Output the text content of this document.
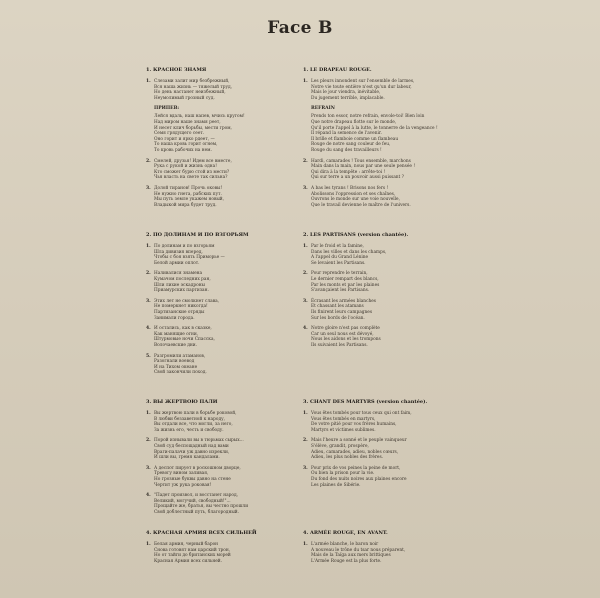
Face B
1. КРАСНОЕ ЗНАМЯ
1. Слезами залит мир безбрежный,
Вся наша жизнь — тяжелый труд,
Но день настанет неизбежный,
Неумолимый грозный суд.
ПРИПЕВ:
Лейся вдаль, наш напев, мчись кругом!
Над миром наше знамя реет,
И несет клич борьбы, мести гром,
Семя грядущего сеет.
Оно горит и ярко рдеет, —
То наша кровь горит огнем,
То кровь рабочих на нем.
2. Смелей, друзья! Идем все вместе,
Рука с рукой и жизнь одна!
Кто сможет бурю стой из мести?
Чья власть на свете так сильна?
3. Долой тиранов! Прочь оковы!
Не нужно гнета, рабских пут.
Мы путь земле укажем новый,
Владыкой мира будет труд.
2. ПО ДОЛИНАМ И ПО ВЗГОРЬЯМ
1. По долинам и по взгорьям
Шла дивизия вперед,
Чтобы с боя взять Приморье —
Белой армии оплот.
2. Наливалися знамена
Кумачом последних ран,
Шли лихие эскадроны
Приамурских партизан.
3. Этих лет не смолкнет слава,
Не померкнет никогда!
Партизанские отряды
Занимали города.
4. И остались, как в сказке,
Как манящие огни,
Штурмовые ночи Спасска,
Волочаевские дни.
5. Разгромили атаманов,
Разогнали воевод
И на Тихом океане
Свой закончили поход.
3. ВЫ ЖЕРТВОЮ ПАЛИ
1. Вы жертвою пали в борьбе роковой,
В любви беззаветной к народу,
Вы отдали все, что могли, за него,
За жизнь его, честь и свободу.
2. Порой изнывали вы в тюрьмах сырых...
Свой суд беспощадный над вами
Враги-палачи уж давно изрекли,
И шли вы, гремя кандалами.
3. А деспот пирует в роскошном дворце,
Тревогу вином заливая,
Но грозные буквы давно на стене
Чертит уж рука роковая!
4. "Падет произвол, и восстанет народ,
Великий, могучий, свободный!"...
Прощайте же, братья, вы честно прошли
Свой доблестный путь, благородный.
4. КРАСНАЯ АРМИЯ ВСЕХ СИЛЬНЕЙ
1. Белая армия, черный барон
Снова готовят нам царский трон,
Но от тайги до британских морей
Красная Армия всех сильней.
1. LE DRAPEAU ROUGE.
1. Les pleurs innondent sur l'ensemble de larmes,
Notre vie toute entière n'est qu'un dur labeur,
Mais le jour viendra, inévitable,
Du jugement terrible, implacable.
REFRAIN
Prends ton essor, notre refrain, envole-toi! Bien loin
Que notre drapeau flotte sur le monde,
Qu'il porte l'appel à la lutte, le tonnerre de la vengeance !
Il répand la semence de l'avenir.
Il brille et flamboie comme un flambeau
Rouge de notre sang couleur de feu,
Rouge du sang des travailleurs !
2. Hardi, camarades ! Tous ensemble, marchons
Main dans la main, nous par une seule pensée !
Qui dira à la tempête : arrête-toi !
Qui sur terre a un pouvoir aussi puissant ?
3. A bas les tyrans ! Brisons nos fers !
Abolissons l'oppression et ses chaînes,
Ouvrons le monde sur une voie nouvelle,
Que le travail devienne le maître de l'univers.
2. LES PARTISANS (version chantée).
1. Par le froid et la famine,
Dans les villes et dans les champs,
A l'appel du Grand Lénine
Se levaient les Partisans.
2. Pour reprendre le terrain,
Le dernier rempart des blancs,
Par les monts et par les plaines
S'avançaient les Partisans.
3. Écrasant les armées blanches
Et chassant les atamans
Ils finirent leurs campagnes
Sur les bords de l'océan.
4. Notre gloire n'est pas complète
Car un seul nous est dévoyé,
Nous les aidons et les trompons
Ils suivaient les Partisans.
3. CHANT DES MARTYRS (version chantée).
1. Vous êtes tombés pour tous ceux qui ont faim,
Vous êtes tombés en martyrs,
De votre pitié pour vos frères humains,
Martyrs et victimes sublimes.
2. Mais l'heure a sonné et le peuple vainqueur
S'élève, grandit, prospère,
Adieu, camarades, adieu, nobles cœurs,
Adieu, les plus nobles des frères.
3. Pour prix de vos peines la peine de mort,
Ou bien la prison pour la vie.
Du fond des nuits noires aux plaines encore
Les plaines de Sibérie.
4. ARMÉE ROUGE, EN AVANT.
1. L'armée blanche, le baron noir
A nouveau le trône du tsar nous préparent,
Mais de la Taïga aux mers brittiques
L'Armée Rouge est la plus forte.
